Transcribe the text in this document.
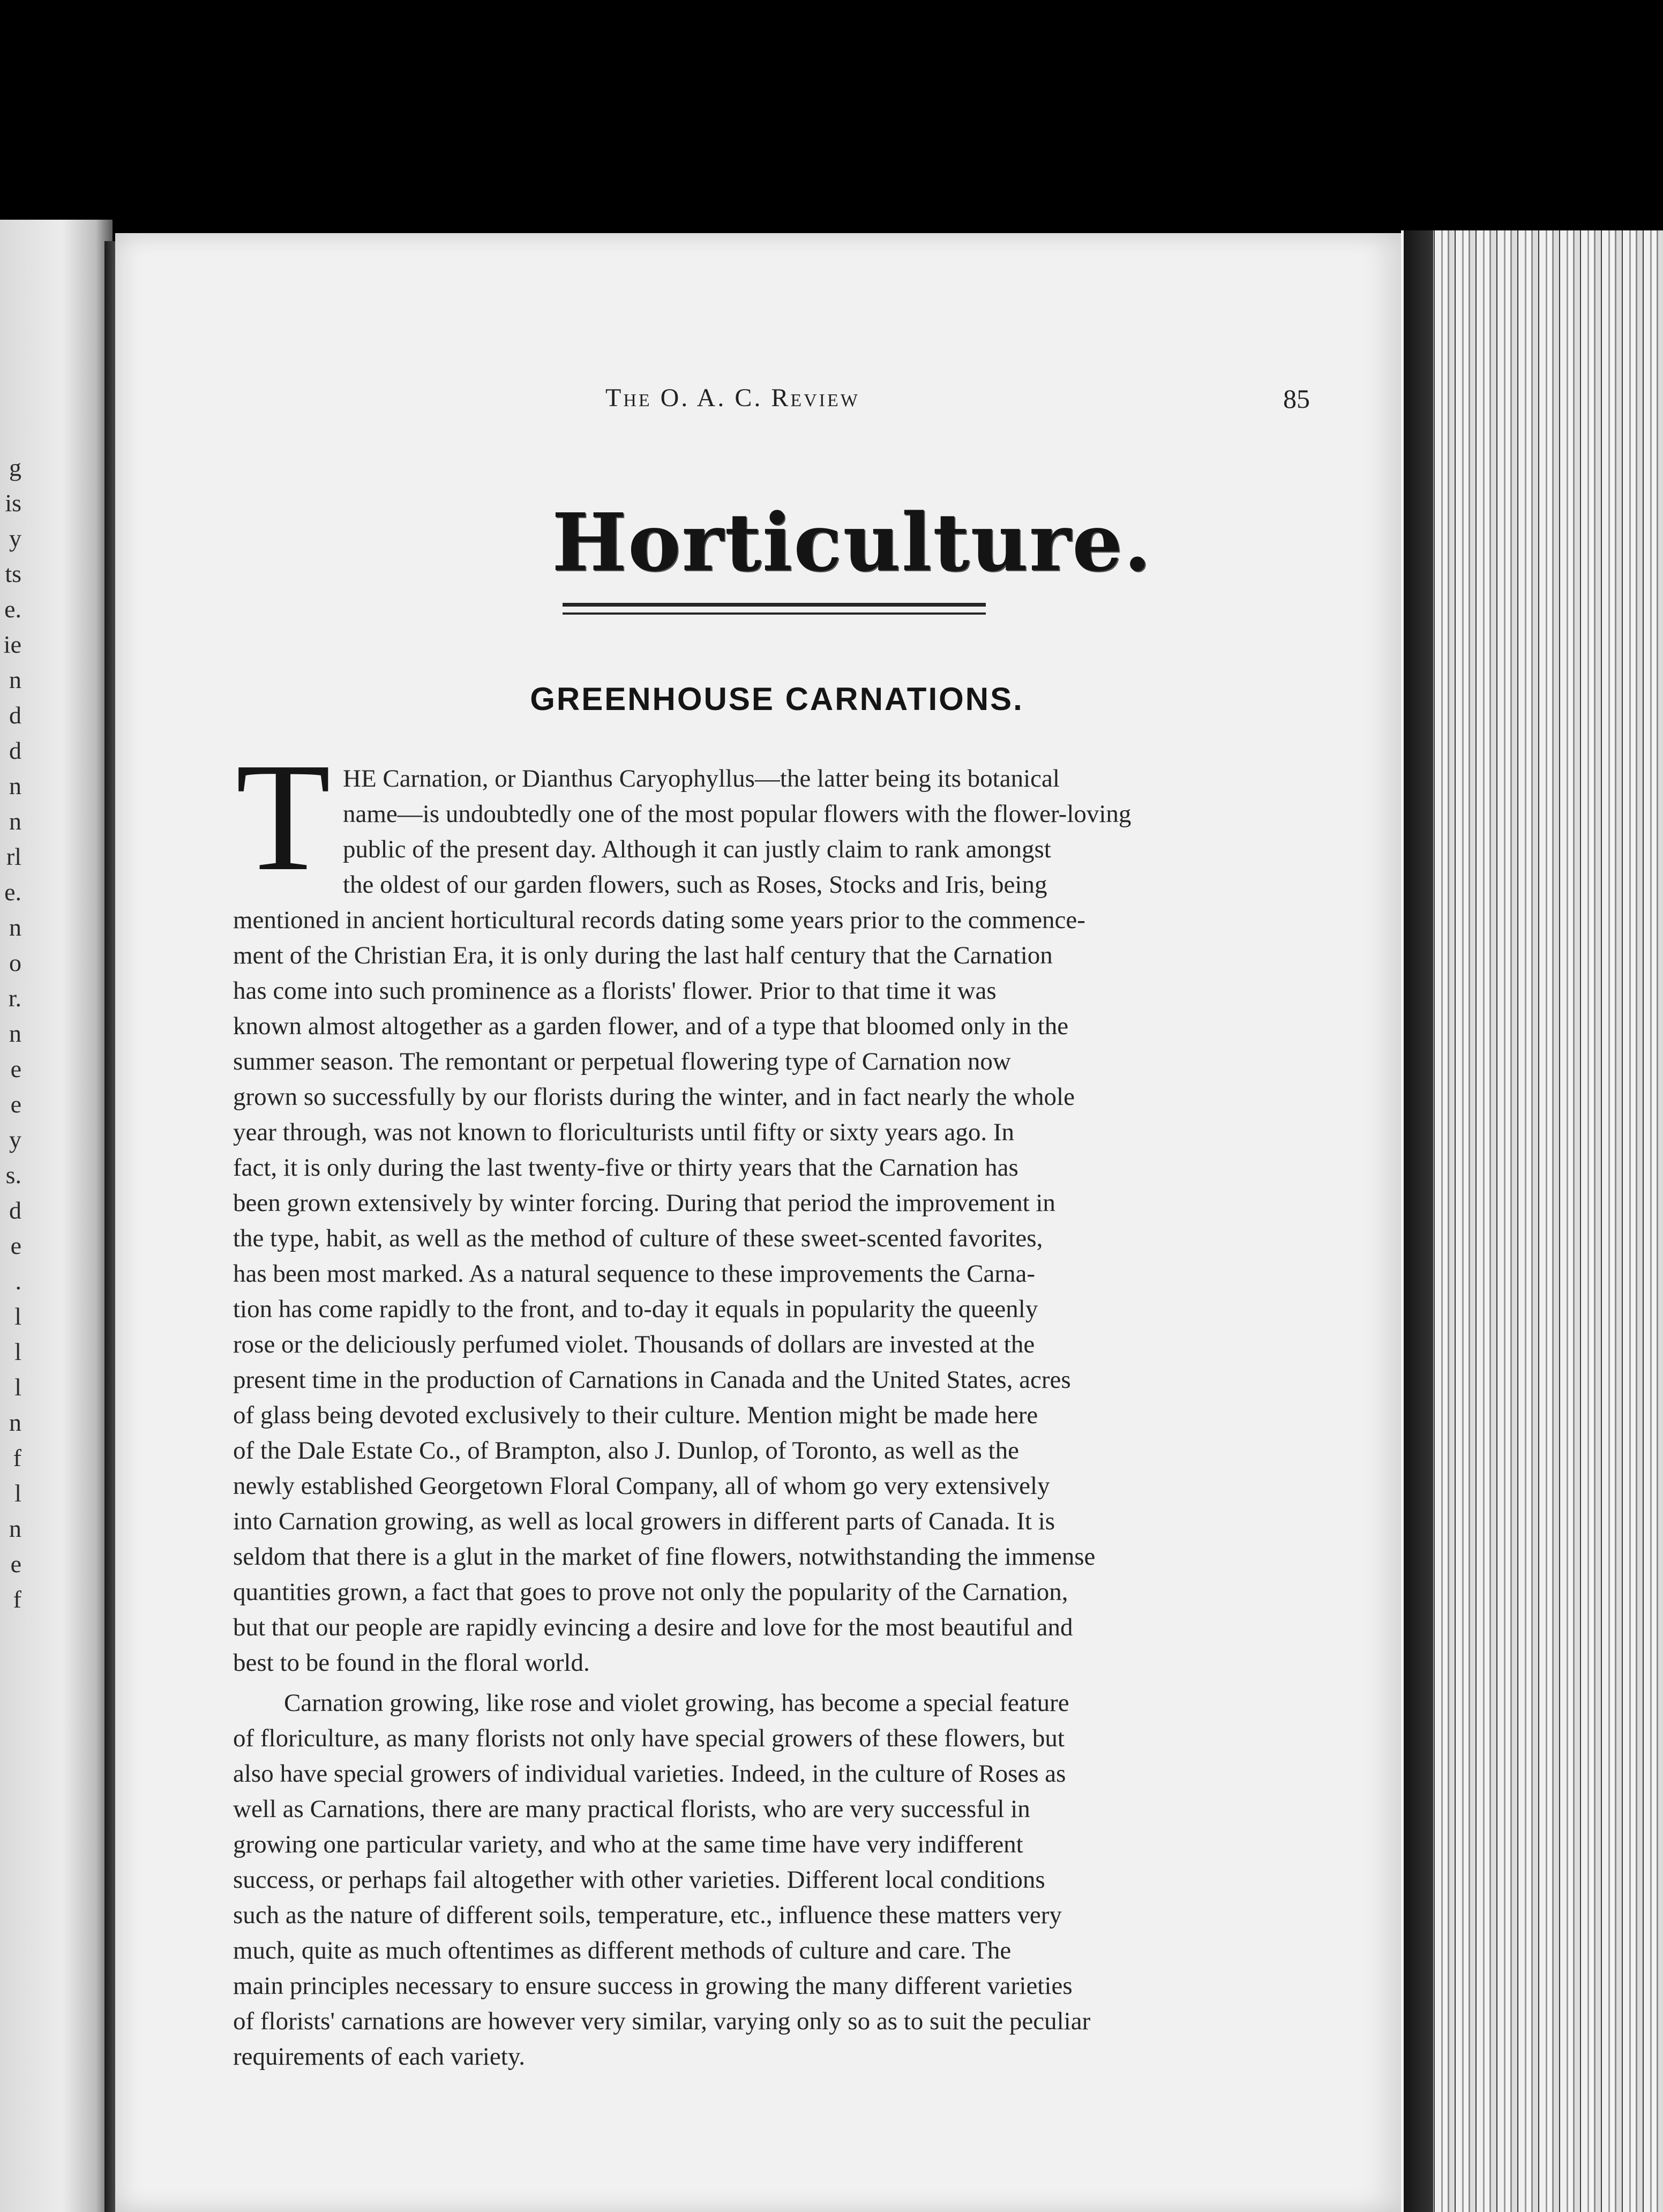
g
is
y
ts
e.
ie
n
d
d
n
n
rl
e.
n
o
r.
n
e
e
y
s.
d
e
.
l
l
l
n
f
l
n
e
f
The O. A. C. Review	85
Horticulture.
GREENHOUSE CARNATIONS.
T HE Carnation, or Dianthus Caryophyllus—the latter being its botanical
name—is undoubtedly one of the most popular flowers with the flower-loving
public of the present day. Although it can justly claim to rank amongst
the oldest of our garden flowers, such as Roses, Stocks and Iris, being
mentioned in ancient horticultural records dating some years prior to the commence-
ment of the Christian Era, it is only during the last half century that the Carnation
has come into such prominence as a florists' flower. Prior to that time it was
known almost altogether as a garden flower, and of a type that bloomed only in the
summer season. The remontant or perpetual flowering type of Carnation now
grown so successfully by our florists during the winter, and in fact nearly the whole
year through, was not known to floriculturists until fifty or sixty years ago. In
fact, it is only during the last twenty-five or thirty years that the Carnation has
been grown extensively by winter forcing. During that period the improvement in
the type, habit, as well as the method of culture of these sweet-scented favorites,
has been most marked. As a natural sequence to these improvements the Carna-
tion has come rapidly to the front, and to-day it equals in popularity the queenly
rose or the deliciously perfumed violet. Thousands of dollars are invested at the
present time in the production of Carnations in Canada and the United States, acres
of glass being devoted exclusively to their culture. Mention might be made here
of the Dale Estate Co., of Brampton, also J. Dunlop, of Toronto, as well as the
newly established Georgetown Floral Company, all of whom go very extensively
into Carnation growing, as well as local growers in different parts of Canada. It is
seldom that there is a glut in the market of fine flowers, notwithstanding the immense
quantities grown, a fact that goes to prove not only the popularity of the Carnation,
but that our people are rapidly evincing a desire and love for the most beautiful and
best to be found in the floral world.
Carnation growing, like rose and violet growing, has become a special feature
of floriculture, as many florists not only have special growers of these flowers, but
also have special growers of individual varieties. Indeed, in the culture of Roses as
well as Carnations, there are many practical florists, who are very successful in
growing one particular variety, and who at the same time have very indifferent
success, or perhaps fail altogether with other varieties. Different local conditions
such as the nature of different soils, temperature, etc., influence these matters very
much, quite as much oftentimes as different methods of culture and care. The
main principles necessary to ensure success in growing the many different varieties
of florists' carnations are however very similar, varying only so as to suit the peculiar
requirements of each variety.
